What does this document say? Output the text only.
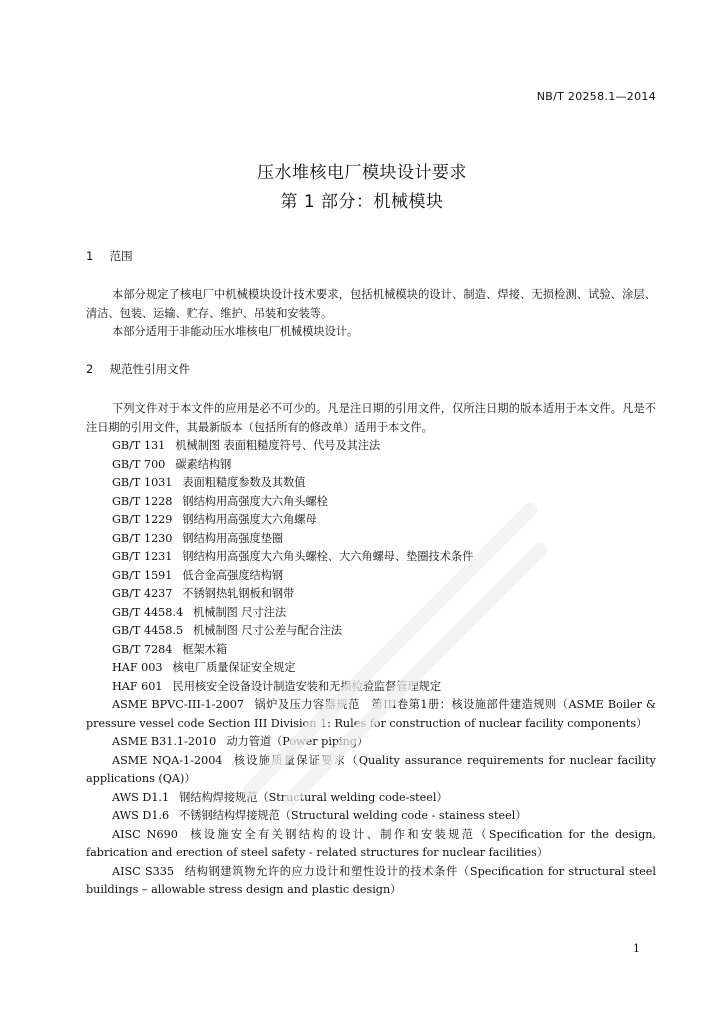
NB/T 20258.1—2014
压水堆核电厂模块设计要求
第 1 部分：机械模块
1 范围

本部分规定了核电厂中机械模块设计技术要求，包括机械模块的设计、制造、焊接、无损检测、试验、涂层、清洁、包装、运输、贮存、维护、吊装和安装等。

本部分适用于非能动压水堆核电厂机械模块设计。

2 规范性引用文件

下列文件对于本文件的应用是必不可少的。凡是注日期的引用文件，仅所注日期的版本适用于本文件。凡是不注日期的引用文件，其最新版本（包括所有的修改单）适用于本文件。

GB/T 131 机械制图 表面粗糙度符号、代号及其注法

GB/T 700 碳素结构钢

GB/T 1031 表面粗糙度参数及其数值

GB/T 1228 钢结构用高强度大六角头螺栓

GB/T 1229 钢结构用高强度大六角螺母

GB/T 1230 钢结构用高强度垫圈

GB/T 1231 钢结构用高强度大六角头螺栓、大六角螺母、垫圈技术条件

GB/T 1591 低合金高强度结构钢

GB/T 4237 不锈钢热轧钢板和钢带

GB/T 4458.4 机械制图 尺寸注法

GB/T 4458.5 机械制图 尺寸公差与配合注法

GB/T 7284 框架木箱

HAF 003 核电厂质量保证安全规定

HAF 601 民用核安全设备设计制造安装和无损检验监督管理规定

ASME BPVC-III-1-2007 锅炉及压力容器规范　第III卷第1册：核设施部件建造规则（ASME Boiler & pressure vessel code Section III Division 1: Rules for construction of nuclear facility components）

ASME B31.1-2010 动力管道（Power piping）

ASME NQA-1-2004 核设施质量保证要求（Quality assurance requirements for nuclear facility applications (QA)）

AWS D1.1 钢结构焊接规范（Structural welding code-steel）

AWS D1.6 不锈钢结构焊接规范（Structural welding code - stainess steel）

AISC N690 核设施安全有关钢结构的设计、制作和安装规范（Specification for the design, fabrication and erection of steel safety - related structures for nuclear facilities）

AISC S335 结构钢建筑物允许的应力设计和塑性设计的技术条件（Specification for structural steel buildings – allowable stress design and plastic design）

1
